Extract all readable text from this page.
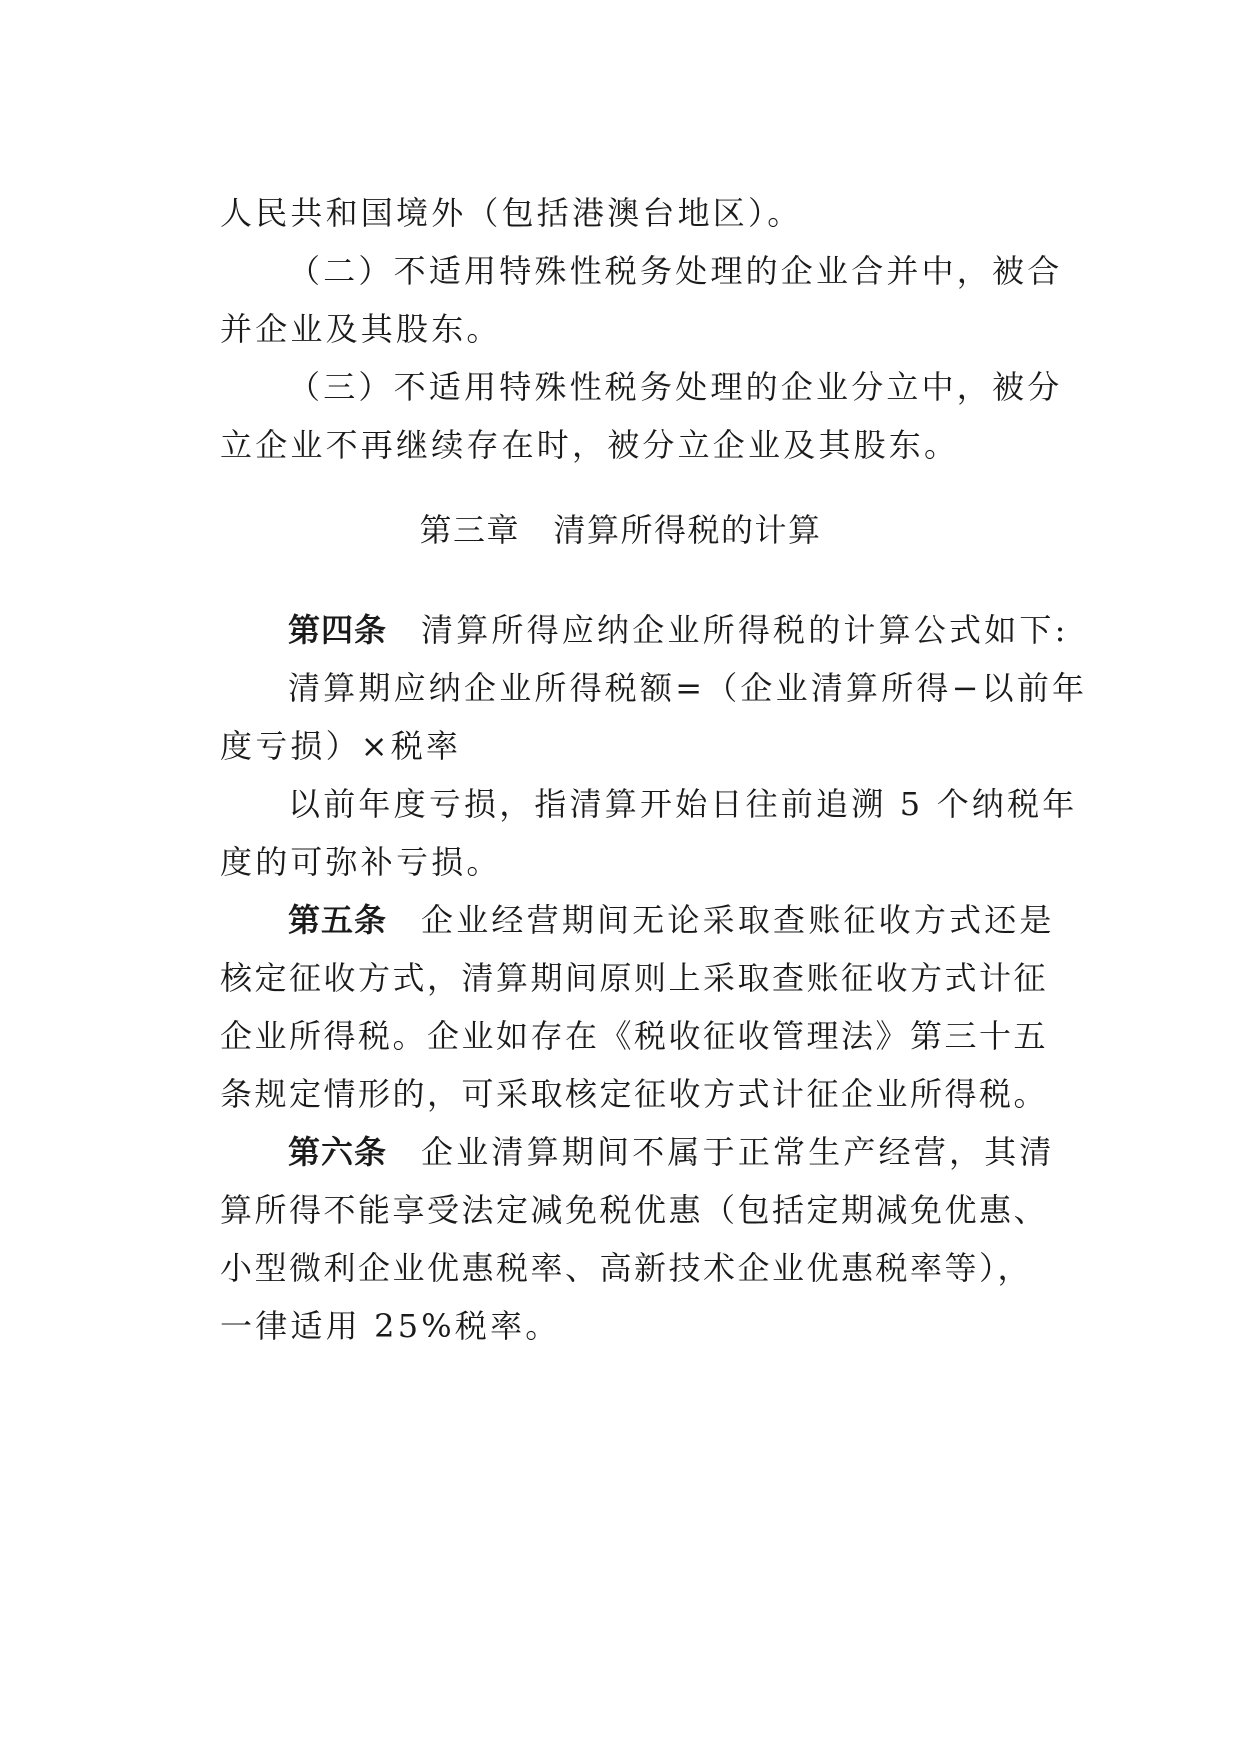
人民共和国境外（包括港澳台地区）。
（二）不适用特殊性税务处理的企业合并中，被合
并企业及其股东。
（三）不适用特殊性税务处理的企业分立中，被分
立企业不再继续存在时，被分立企业及其股东。
第三章　清算所得税的计算
第四条 清算所得应纳企业所得税的计算公式如下:
清算期应纳企业所得税额=（企业清算所得−以前年
度亏损）×税率
以前年度亏损，指清算开始日往前追溯 5 个纳税年
度的可弥补亏损。
第五条 企业经营期间无论采取查账征收方式还是
核定征收方式，清算期间原则上采取查账征收方式计征
企业所得税。企业如存在《税收征收管理法》第三十五
条规定情形的，可采取核定征收方式计征企业所得税。
第六条 企业清算期间不属于正常生产经营，其清
算所得不能享受法定减免税优惠（包括定期减免优惠、
小型微利企业优惠税率、高新技术企业优惠税率等），
一律适用 25%税率。
